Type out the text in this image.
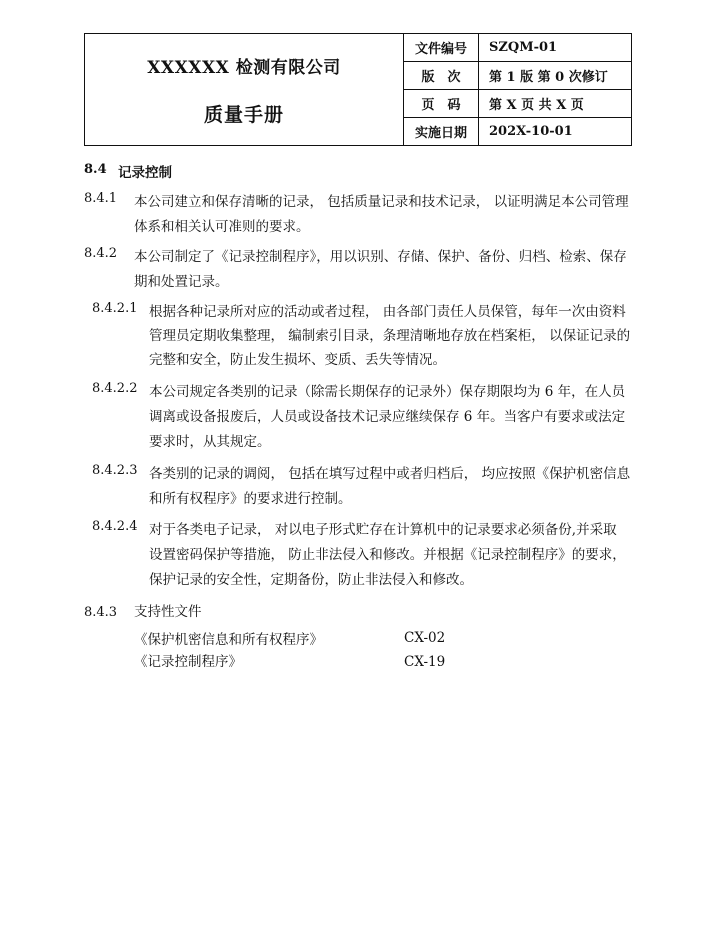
XXXXXX 检测有限公司
质量手册	文件编号	SZQM-01
	版　次	第 1 版 第 0 次修订
	页　码	第 X 页 共 X 页
	实施日期	202X-10-01
8.4 记录控制
8.4.1 本公司建立和保存清晰的记录， 包括质量记录和技术记录， 以证明满足本公司管理
体系和相关认可准则的要求。
8.4.2 本公司制定了《记录控制程序》，用以识别、存储、保护、备份、归档、检索、保存
期和处置记录。
8.4.2.1 根据各种记录所对应的活动或者过程， 由各部门责任人员保管，每年一次由资料
管理员定期收集整理， 编制索引目录，条理清晰地存放在档案柜， 以保证记录的
完整和安全，防止发生损坏、变质、丢失等情况。
8.4.2.2 本公司规定各类别的记录（除需长期保存的记录外）保存期限均为 6 年，在人员
调离或设备报废后，人员或设备技术记录应继续保存 6 年。当客户有要求或法定
要求时，从其规定。
8.4.2.3 各类别的记录的调阅， 包括在填写过程中或者归档后， 均应按照《保护机密信息
和所有权程序》的要求进行控制。
8.4.2.4 对于各类电子记录， 对以电子形式贮存在计算机中的记录要求必须备份,并采取
设置密码保护等措施， 防止非法侵入和修改。并根据《记录控制程序》的要求，
保护记录的安全性，定期备份，防止非法侵入和修改。
8.4.3 支持性文件
《保护机密信息和所有权程序》	CX-02
《记录控制程序》	CX-19
